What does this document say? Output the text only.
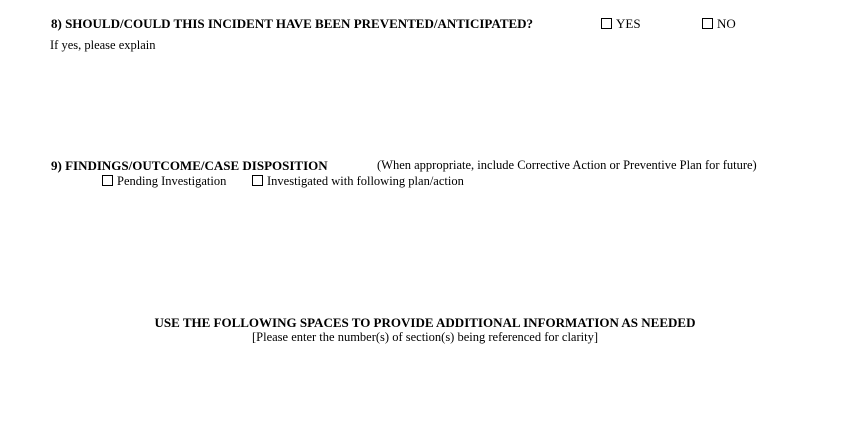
8) SHOULD/COULD THIS INCIDENT HAVE BEEN PREVENTED/ANTICIPATED?	YES	NO
If yes, please explain
9) FINDINGS/OUTCOME/CASE DISPOSITION	(When appropriate, include Corrective Action or Preventive Plan for future)
Pending Investigation	Investigated with following plan/action
USE THE FOLLOWING SPACES TO PROVIDE ADDITIONAL INFORMATION AS NEEDED
[Please enter the number(s) of section(s) being referenced for clarity]
